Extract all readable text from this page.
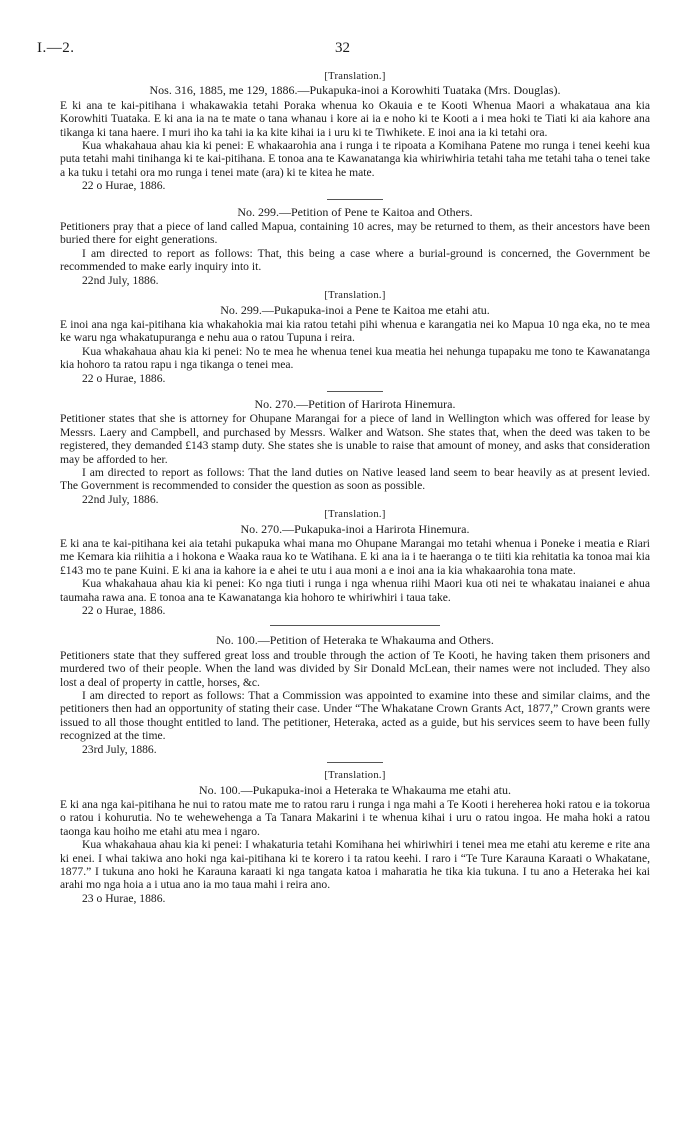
I.—2.	32
[Translation.]
Nos. 316, 1885, me 129, 1886.—Pukapuka-inoi a Korowhiti Tuataka (Mrs. Douglas).

E ki ana te kai-pitihana i whakawakia tetahi Poraka whenua ko Okauia e te Kooti Whenua Maori a whakataua ana kia Korowhiti Tuataka. E ki ana ia na te mate o tana whanau i kore ai ia e noho ki te Kooti a i mea hoki te Tiati ki aia kahore ana tikanga ki tana haere. I muri iho ka tahi ia ka kite kihai ia i uru ki te Tiwhikete. E inoi ana ia ki tetahi ora.

Kua whakahaua ahau kia ki penei: E whakaarohia ana i runga i te ripoata a Komihana Patene mo runga i tenei keehi kua puta tetahi mahi tinihanga ki te kai-pitihana. E tonoa ana te Kawanatanga kia whiriwhiria tetahi taha me tetahi taha o tenei take a ka tuku i tetahi ora mo runga i tenei mate (ara) ki te kitea he mate.

22 o Hurae, 1886.
No. 299.—Petition of Pene te Kaitoa and Others.

Petitioners pray that a piece of land called Mapua, containing 10 acres, may be returned to them, as their ancestors have been buried there for eight generations.

I am directed to report as follows: That, this being a case where a burial-ground is concerned, the Government be recommended to make early inquiry into it.

22nd July, 1886.
[Translation.]
No. 299.—Pukapuka-inoi a Pene te Kaitoa me etahi atu.

E inoi ana nga kai-pitihana kia whakahokia mai kia ratou tetahi pihi whenua e karangatia nei ko Mapua 10 nga eka, no te mea ke waru nga whakatupuranga e nehu aua o ratou Tupuna i reira.

Kua whakahaua ahau kia ki penei: No te mea he whenua tenei kua meatia hei nehunga tupapaku me tono te Kawanatanga kia hohoro ta ratou rapu i nga tikanga o tenei mea.

22 o Hurae, 1886.
No. 270.—Petition of Harirota Hinemura.

Petitioner states that she is attorney for Ohupane Marangai for a piece of land in Wellington which was offered for lease by Messrs. Laery and Campbell, and purchased by Messrs. Walker and Watson. She states that, when the deed was taken to be registered, they demanded £143 stamp duty. She states she is unable to raise that amount of money, and asks that consideration may be afforded to her.

I am directed to report as follows: That the land duties on Native leased land seem to bear heavily as at present levied. The Government is recommended to consider the question as soon as possible.

22nd July, 1886.
[Translation.]
No. 270.—Pukapuka-inoi a Harirota Hinemura.

E ki ana te kai-pitihana kei aia tetahi pukapuka whai mana mo Ohupane Marangai mo tetahi whenua i Poneke i meatia e Riari me Kemara kia riihitia a i hokona e Waaka raua ko te Watihana. E ki ana ia i te haeranga o te tiiti kia rehitatia ka tonoa mai kia £143 mo te pane Kuini. E ki ana ia kahore ia e ahei te utu i aua moni a e inoi ana ia kia whakaarohia tona mate.

Kua whakahaua ahau kia ki penei: Ko nga tiuti i runga i nga whenua riihi Maori kua oti nei te whakatau inaianei e ahua taumaha rawa ana. E tonoa ana te Kawanatanga kia hohoro te whiriwhiri i taua take.

22 o Hurae, 1886.
No. 100.—Petition of Heteraka te Whakauma and Others.

Petitioners state that they suffered great loss and trouble through the action of Te Kooti, he having taken them prisoners and murdered two of their people. When the land was divided by Sir Donald McLean, their names were not included. They also lost a deal of property in cattle, horses, &c.

I am directed to report as follows: That a Commission was appointed to examine into these and similar claims, and the petitioners then had an opportunity of stating their case. Under “The Whakatane Crown Grants Act, 1877,” Crown grants were issued to all those thought entitled to land. The petitioner, Heteraka, acted as a guide, but his services seem to have been fully recognized at the time.

23rd July, 1886.
[Translation.]
No. 100.—Pukapuka-inoi a Heteraka te Whakauma me etahi atu.

E ki ana nga kai-pitihana he nui to ratou mate me to ratou raru i runga i nga mahi a Te Kooti i hereherea hoki ratou e ia tokorua o ratou i kohurutia. No te wehewehenga a Ta Tanara Makarini i te whenua kihai i uru o ratou ingoa. He maha hoki a ratou taonga kau hoiho me etahi atu mea i ngaro.

Kua whakahaua ahau kia ki penei: I whakaturia tetahi Komihana hei whiriwhiri i tenei mea me etahi atu kereme e rite ana ki enei. I whai takiwa ano hoki nga kai-pitihana ki te korero i ta ratou keehi. I raro i “Te Ture Karauna Karaati o Whakatane, 1877.” I tukuna ano hoki he Karauna karaati ki nga tangata katoa i maharatia he tika kia tukuna. I tu ano a Heteraka hei kai arahi mo nga hoia a i utua ano ia mo taua mahi i reira ano.

23 o Hurae, 1886.
